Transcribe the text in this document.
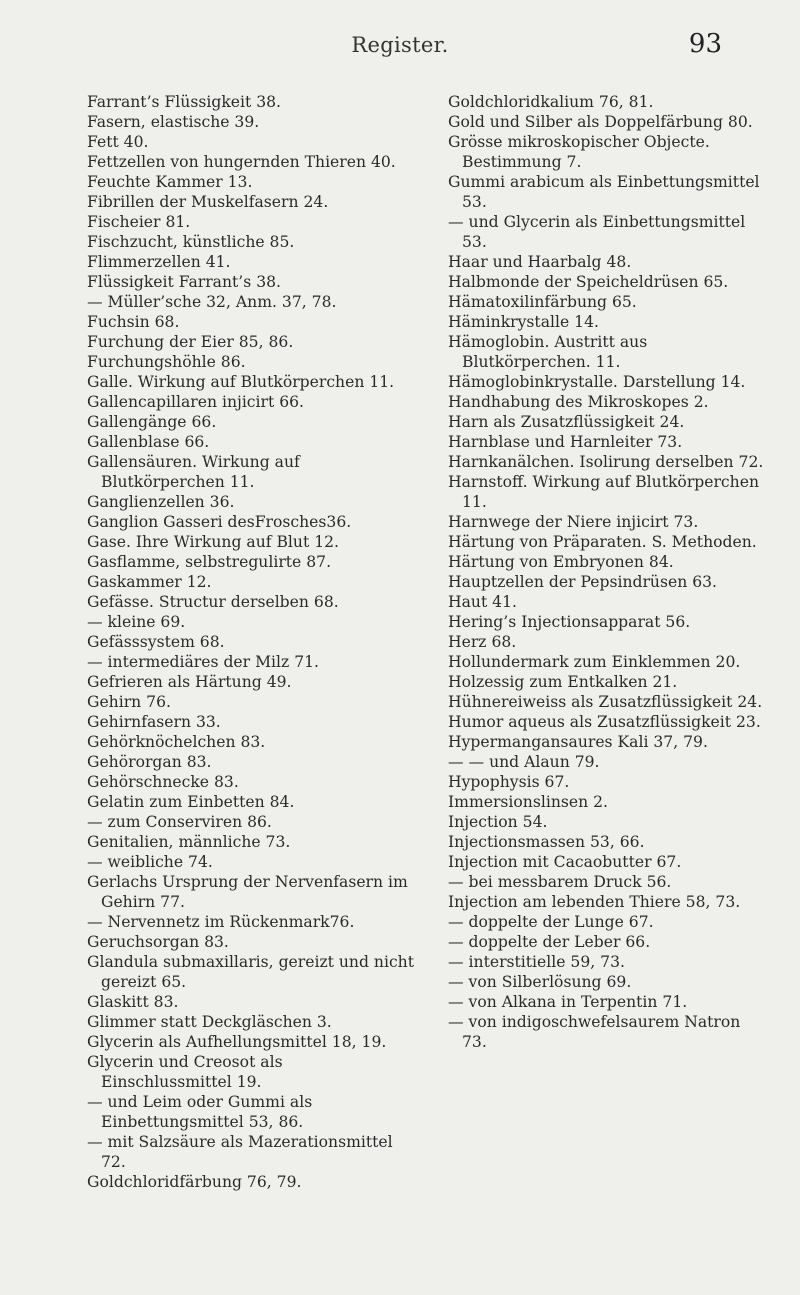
Register.	93

Farrant’s Flüssigkeit 38.

Fasern, elastische 39.

Fett 40.

Fettzellen von hungernden Thieren 40.

Feuchte Kammer 13.

Fibrillen der Muskelfasern 24.

Fischeier 81.

Fischzucht, künstliche 85.

Flimmerzellen 41.

Flüssigkeit Farrant’s 38.

— Müller’sche 32, Anm. 37, 78.

Fuchsin 68.

Furchung der Eier 85, 86.

Furchungshöhle 86.

Galle. Wirkung auf Blutkörperchen 11.

Gallencapillaren injicirt 66.

Gallengänge 66.

Gallenblase 66.

Gallensäuren. Wirkung auf Blutkörperchen 11.

Ganglienzellen 36.

Ganglion Gasseri desFrosches36.

Gase. Ihre Wirkung auf Blut 12.

Gasflamme, selbstregulirte 87.

Gaskammer 12.

Gefässe. Structur derselben 68.

— kleine 69.

Gefässsystem 68.

— intermediäres der Milz 71.

Gefrieren als Härtung 49.

Gehirn 76.

Gehirnfasern 33.

Gehörknöchelchen 83.

Gehörorgan 83.

Gehörschnecke 83.

Gelatin zum Einbetten 84.

— zum Conserviren 86.

Genitalien, männliche 73.

— weibliche 74.

Gerlachs Ursprung der Nervenfasern im Gehirn 77.

— Nervennetz im Rückenmark76.

Geruchsorgan 83.

Glandula submaxillaris, gereizt und nicht gereizt 65.

Glaskitt 83.

Glimmer statt Deckgläschen 3.

Glycerin als Aufhellungsmittel 18, 19.

Glycerin und Creosot als Einschlussmittel 19.

— und Leim oder Gummi als Einbettungsmittel 53, 86.

— mit Salzsäure als Mazerationsmittel 72.

Goldchloridfärbung 76, 79.

Goldchloridkalium 76, 81.

Gold und Silber als Doppelfärbung 80.

Grösse mikroskopischer Objecte. Bestimmung 7.

Gummi arabicum als Einbettungsmittel 53.

— und Glycerin als Einbettungsmittel 53.

Haar und Haarbalg 48.

Halbmonde der Speicheldrüsen 65.

Hämatoxilinfärbung 65.

Häminkrystalle 14.

Hämoglobin. Austritt aus Blutkörperchen. 11.

Hämoglobinkrystalle. Darstellung 14.

Handhabung des Mikroskopes 2.

Harn als Zusatzflüssigkeit 24.

Harnblase und Harnleiter 73.

Harnkanälchen. Isolirung derselben 72.

Harnstoff. Wirkung auf Blutkörperchen 11.

Harnwege der Niere injicirt 73.

Härtung von Präparaten. S. Methoden.

Härtung von Embryonen 84.

Hauptzellen der Pepsindrüsen 63.

Haut 41.

Hering’s Injectionsapparat 56.

Herz 68.

Hollundermark zum Einklemmen 20.

Holzessig zum Entkalken 21.

Hühnereiweiss als Zusatzflüssigkeit 24.

Humor aqueus als Zusatzflüssigkeit 23.

Hypermangansaures Kali 37, 79.

— — und Alaun 79.

Hypophysis 67.

Immersionslinsen 2.

Injection 54.

Injectionsmassen 53, 66.

Injection mit Cacaobutter 67.

— bei messbarem Druck 56.

Injection am lebenden Thiere 58, 73.

— doppelte der Lunge 67.

— doppelte der Leber 66.

— interstitielle 59, 73.

— von Silberlösung 69.

— von Alkana in Terpentin 71.

— von indigoschwefelsaurem Natron 73.
